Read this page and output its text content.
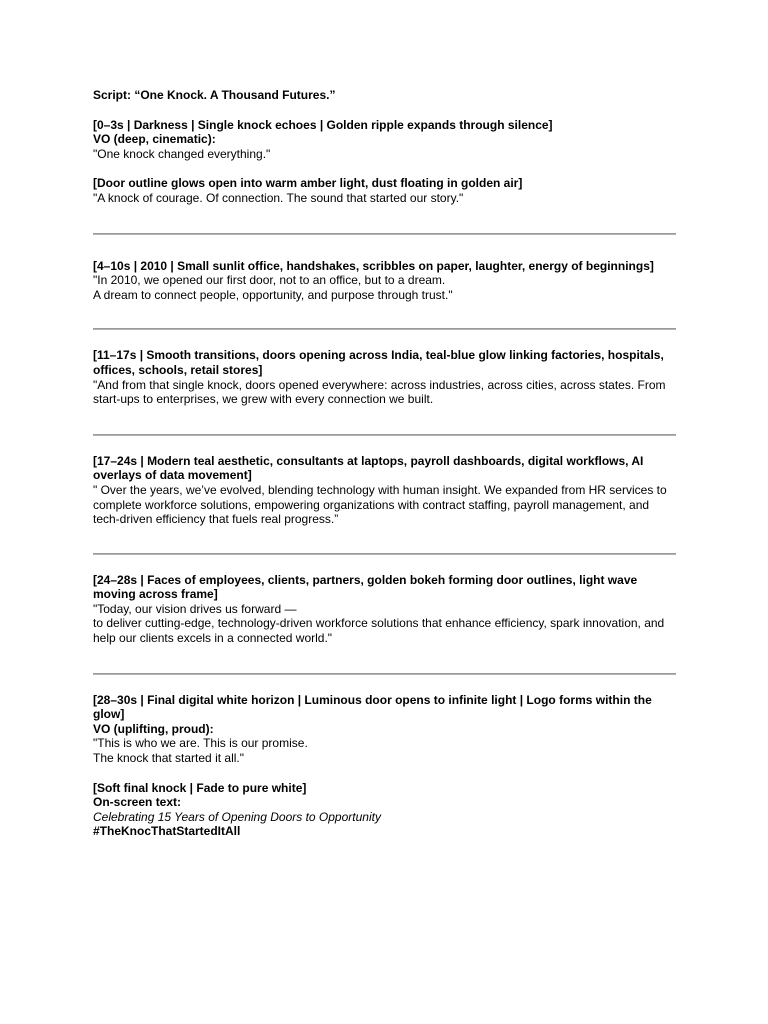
Script: “One Knock. A Thousand Futures.”
[0–3s | Darkness | Single knock echoes | Golden ripple expands through silence]
VO (deep, cinematic):
"One knock changed everything."
[Door outline glows open into warm amber light, dust floating in golden air]
"A knock of courage. Of connection. The sound that started our story."
[4–10s | 2010 | Small sunlit office, handshakes, scribbles on paper, laughter, energy of beginnings]
"In 2010, we opened our first door, not to an office, but to a dream.
A dream to connect people, opportunity, and purpose through trust."
[11–17s | Smooth transitions, doors opening across India, teal-blue glow linking factories, hospitals, offices, schools, retail stores]
"And from that single knock, doors opened everywhere: across industries, across cities, across states. From start-ups to enterprises, we grew with every connection we built.
[17–24s | Modern teal aesthetic, consultants at laptops, payroll dashboards, digital workflows, AI overlays of data movement]
" Over the years, we’ve evolved, blending technology with human insight. We expanded from HR services to complete workforce solutions, empowering organizations with contract staffing, payroll management, and tech-driven efficiency that fuels real progress.”
[24–28s | Faces of employees, clients, partners, golden bokeh forming door outlines, light wave moving across frame]
"Today, our vision drives us forward —
to deliver cutting-edge, technology-driven workforce solutions that enhance efficiency, spark innovation, and help our clients excels in a connected world."
[28–30s | Final digital white horizon | Luminous door opens to infinite light | Logo forms within the glow]
VO (uplifting, proud):
"This is who we are. This is our promise.
The knock that started it all."
[Soft final knock | Fade to pure white]
On-screen text:
Celebrating 15 Years of Opening Doors to Opportunity
#TheKnocThatStartedItAll
